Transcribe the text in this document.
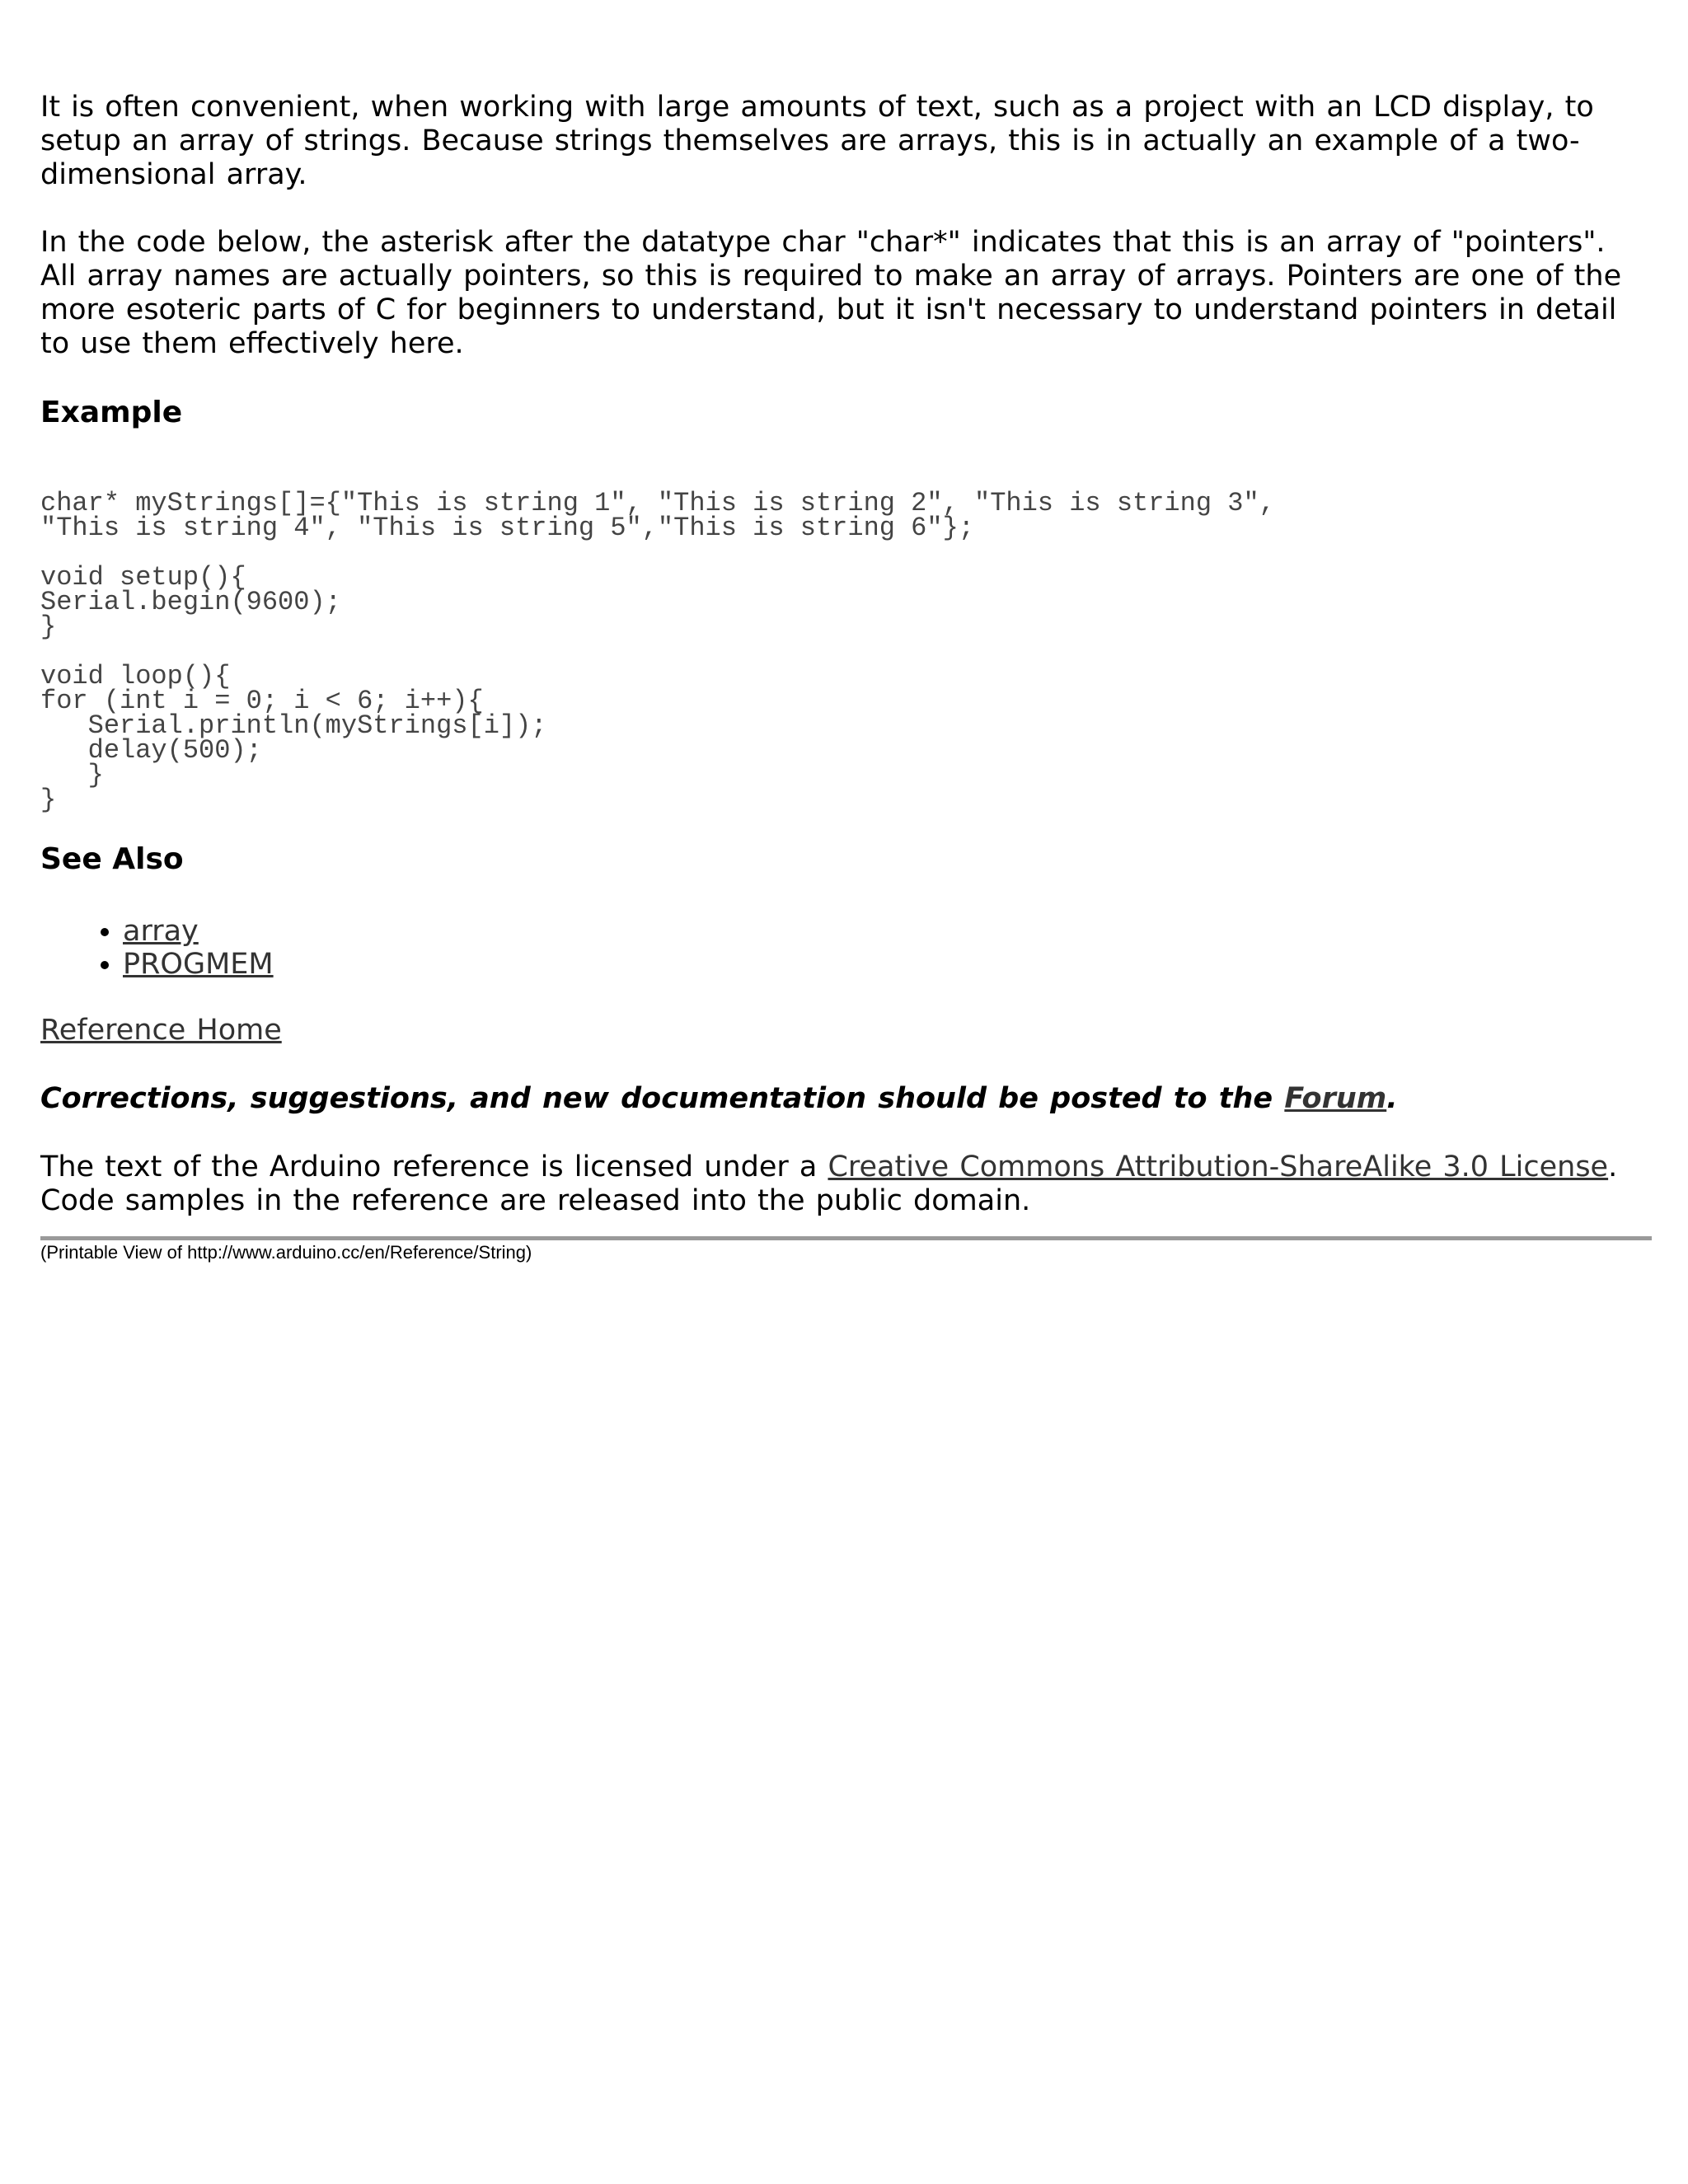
It is often convenient, when working with large amounts of text, such as a project with an LCD display, to setup an array of strings. Because strings themselves are arrays, this is in actually an example of a two-dimensional array.

In the code below, the asterisk after the datatype char "char*" indicates that this is an array of "pointers". All array names are actually pointers, so this is required to make an array of arrays. Pointers are one of the more esoteric parts of C for beginners to understand, but it isn't necessary to understand pointers in detail to use them effectively here.

Example
char* myStrings[]={"This is string 1", "This is string 2", "This is string 3",
"This is string 4", "This is string 5","This is string 6"};

void setup(){
Serial.begin(9600);
}

void loop(){
for (int i = 0; i < 6; i++){
Serial.println(myStrings[i]);
delay(500);
}
}
See Also
• array
• PROGMEM

Reference Home

Corrections, suggestions, and new documentation should be posted to the Forum.

The text of the Arduino reference is licensed under a Creative Commons Attribution-ShareAlike 3.0 License. Code samples in the reference are released into the public domain.

(Printable View of http://www.arduino.cc/en/Reference/String)
